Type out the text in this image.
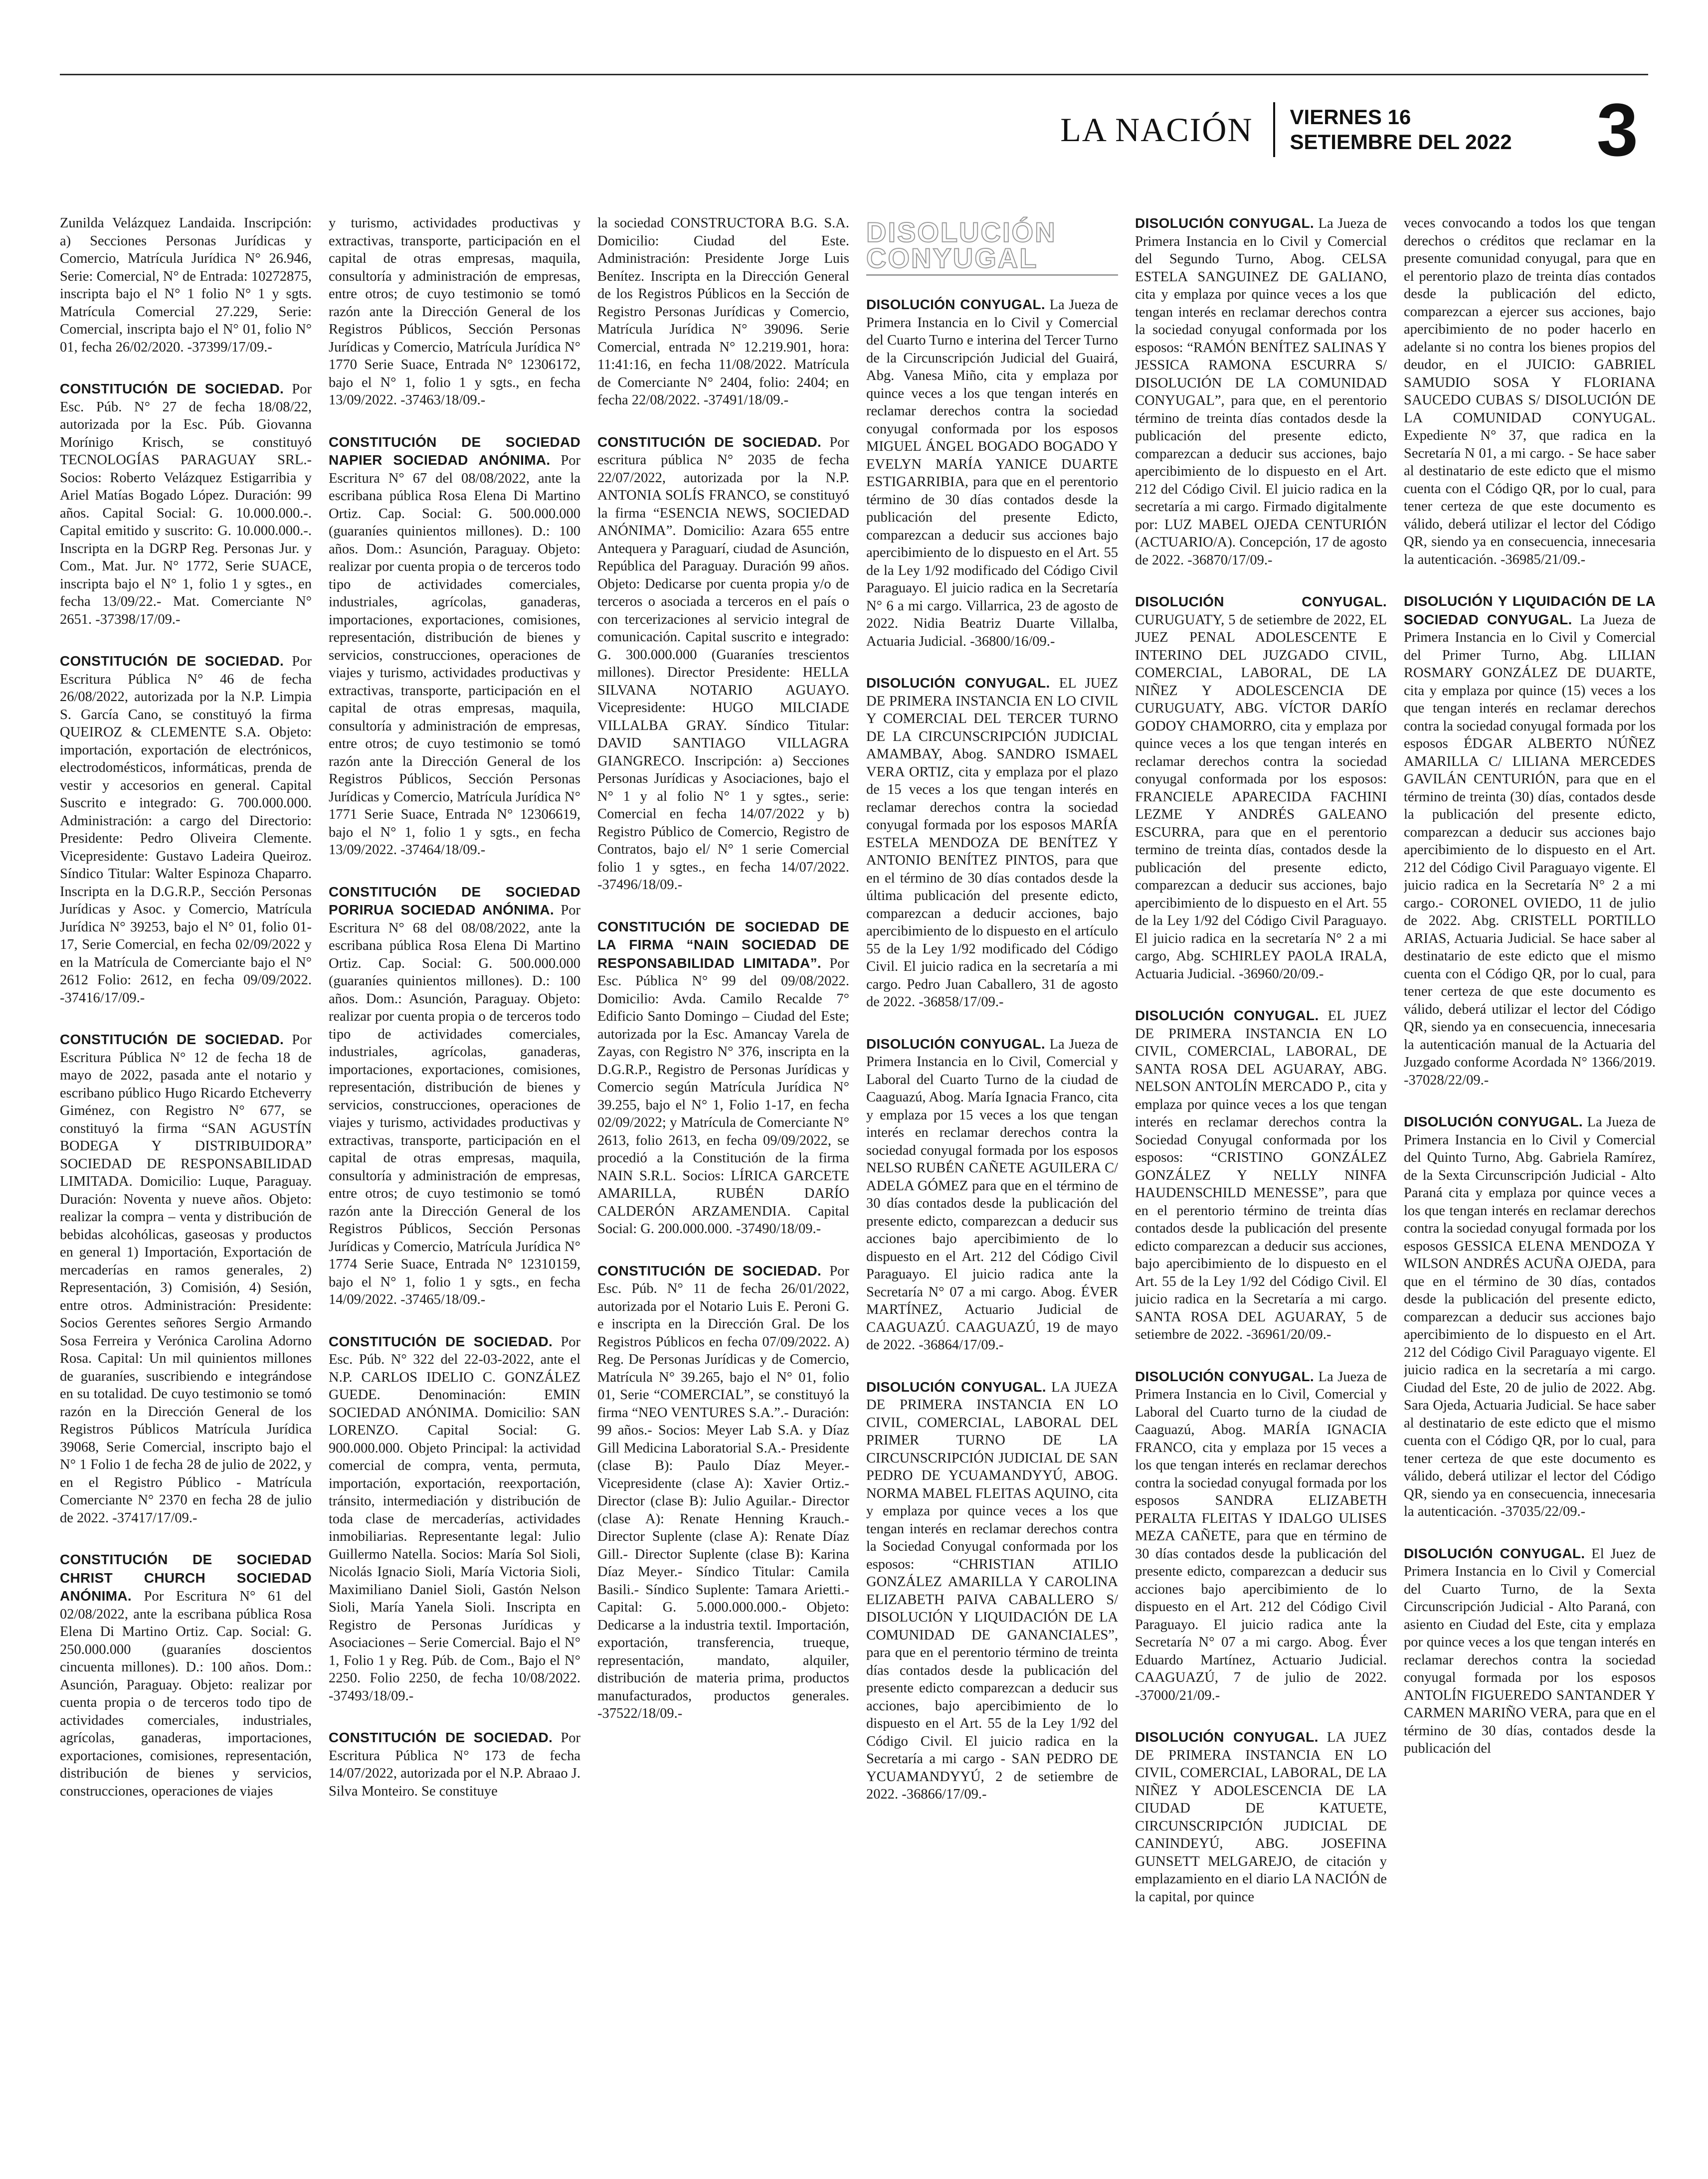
LA NACIÓN VIERNES 16
SETIEMBRE DEL 2022 3

Zunilda Velázquez Landaida. Inscripción: a) Secciones Personas Jurídicas y Comercio, Matrícula Jurídica N° 26.946, Serie: Comercial, N° de Entrada: 10272875, inscripta bajo el N° 1 folio N° 1 y sgts. Matrícula Comercial 27.229, Serie: Comercial, inscripta bajo el N° 01, folio N° 01, fecha 26/02/2020. -37399/17/09.-

CONSTITUCIÓN DE SOCIEDAD. Por Esc. Púb. N° 27 de fecha 18/08/22, autorizada por la Esc. Púb. Giovanna Morínigo Krisch, se constituyó TECNOLOGÍAS PARAGUAY SRL.- Socios: Roberto Velázquez Estigarribia y Ariel Matías Bogado López. Duración: 99 años. Capital Social: G. 10.000.000.-. Capital emitido y suscrito: G. 10.000.000.-. Inscripta en la DGRP Reg. Personas Jur. y Com., Mat. Jur. N° 1772, Serie SUACE, inscripta bajo el N° 1, folio 1 y sgtes., en fecha 13/09/22.- Mat. Comerciante N° 2651. -37398/17/09.-

CONSTITUCIÓN DE SOCIEDAD. Por Escritura Pública N° 46 de fecha 26/08/2022, autorizada por la N.P. Limpia S. García Cano, se constituyó la firma QUEIROZ & CLEMENTE S.A. Objeto: importación, exportación de electrónicos, electrodomésticos, informáticas, prenda de vestir y accesorios en general. Capital Suscrito e integrado: G. 700.000.000. Administración: a cargo del Directorio: Presidente: Pedro Oliveira Clemente. Vicepresidente: Gustavo Ladeira Queiroz. Síndico Titular: Walter Espinoza Chaparro. Inscripta en la D.G.R.P., Sección Personas Jurídicas y Asoc. y Comercio, Matrícula Jurídica N° 39253, bajo el N° 01, folio 01-17, Serie Comercial, en fecha 02/09/2022 y en la Matrícula de Comerciante bajo el N° 2612 Folio: 2612, en fecha 09/09/2022. -37416/17/09.-

CONSTITUCIÓN DE SOCIEDAD. Por Escritura Pública N° 12 de fecha 18 de mayo de 2022, pasada ante el notario y escribano público Hugo Ricardo Etcheverry Giménez, con Registro N° 677, se constituyó la firma “SAN AGUSTÍN BODEGA Y DISTRIBUIDORA” SOCIEDAD DE RESPONSABILIDAD LIMITADA. Domicilio: Luque, Paraguay. Duración: Noventa y nueve años. Objeto: realizar la compra – venta y distribución de bebidas alcohólicas, gaseosas y productos en general 1) Importación, Exportación de mercaderías en ramos generales, 2) Representación, 3) Comisión, 4) Sesión, entre otros. Administración: Presidente: Socios Gerentes señores Sergio Armando Sosa Ferreira y Verónica Carolina Adorno Rosa. Capital: Un mil quinientos millones de guaraníes, suscribiendo e integrándose en su totalidad. De cuyo testimonio se tomó razón en la Dirección General de los Registros Públicos Matrícula Jurídica 39068, Serie Comercial, inscripto bajo el N° 1 Folio 1 de fecha 28 de julio de 2022, y en el Registro Público - Matrícula Comerciante N° 2370 en fecha 28 de julio de 2022. -37417/17/09.-

CONSTITUCIÓN DE SOCIEDAD CHRIST CHURCH SOCIEDAD ANÓNIMA. Por Escritura N° 61 del 02/08/2022, ante la escribana pública Rosa Elena Di Martino Ortiz. Cap. Social: G. 250.000.000 (guaraníes doscientos cincuenta millones). D.: 100 años. Dom.: Asunción, Paraguay. Objeto: realizar por cuenta propia o de terceros todo tipo de actividades comerciales, industriales, agrícolas, ganaderas, importaciones, exportaciones, comisiones, representación, distribución de bienes y servicios, construcciones, operaciones de viajes

y turismo, actividades productivas y extractivas, transporte, participación en el capital de otras empresas, maquila, consultoría y administración de empresas, entre otros; de cuyo testimonio se tomó razón ante la Dirección General de los Registros Públicos, Sección Personas Jurídicas y Comercio, Matrícula Jurídica N° 1770 Serie Suace, Entrada N° 12306172, bajo el N° 1, folio 1 y sgts., en fecha 13/09/2022. -37463/18/09.-

CONSTITUCIÓN DE SOCIEDAD NAPIER SOCIEDAD ANÓNIMA. Por Escritura N° 67 del 08/08/2022, ante la escribana pública Rosa Elena Di Martino Ortiz. Cap. Social: G. 500.000.000 (guaraníes quinientos millones). D.: 100 años. Dom.: Asunción, Paraguay. Objeto: realizar por cuenta propia o de terceros todo tipo de actividades comerciales, industriales, agrícolas, ganaderas, importaciones, exportaciones, comisiones, representación, distribución de bienes y servicios, construcciones, operaciones de viajes y turismo, actividades productivas y extractivas, transporte, participación en el capital de otras empresas, maquila, consultoría y administración de empresas, entre otros; de cuyo testimonio se tomó razón ante la Dirección General de los Registros Públicos, Sección Personas Jurídicas y Comercio, Matrícula Jurídica N° 1771 Serie Suace, Entrada N° 12306619, bajo el N° 1, folio 1 y sgts., en fecha 13/09/2022. -37464/18/09.-

CONSTITUCIÓN DE SOCIEDAD PORIRUA SOCIEDAD ANÓNIMA. Por Escritura N° 68 del 08/08/2022, ante la escribana pública Rosa Elena Di Martino Ortiz. Cap. Social: G. 500.000.000 (guaraníes quinientos millones). D.: 100 años. Dom.: Asunción, Paraguay. Objeto: realizar por cuenta propia o de terceros todo tipo de actividades comerciales, industriales, agrícolas, ganaderas, importaciones, exportaciones, comisiones, representación, distribución de bienes y servicios, construcciones, operaciones de viajes y turismo, actividades productivas y extractivas, transporte, participación en el capital de otras empresas, maquila, consultoría y administración de empresas, entre otros; de cuyo testimonio se tomó razón ante la Dirección General de los Registros Públicos, Sección Personas Jurídicas y Comercio, Matrícula Jurídica N° 1774 Serie Suace, Entrada N° 12310159, bajo el N° 1, folio 1 y sgts., en fecha 14/09/2022. -37465/18/09.-

CONSTITUCIÓN DE SOCIEDAD. Por Esc. Púb. N° 322 del 22-03-2022, ante el N.P. CARLOS IDELIO C. GONZÁLEZ GUEDE. Denominación: EMIN SOCIEDAD ANÓNIMA. Domicilio: SAN LORENZO. Capital Social: G. 900.000.000. Objeto Principal: la actividad comercial de compra, venta, permuta, importación, exportación, reexportación, tránsito, intermediación y distribución de toda clase de mercaderías, actividades inmobiliarias. Representante legal: Julio Guillermo Natella. Socios: María Sol Sioli, Nicolás Ignacio Sioli, María Victoria Sioli, Maximiliano Daniel Sioli, Gastón Nelson Sioli, María Yanela Sioli. Inscripta en Registro de Personas Jurídicas y Asociaciones – Serie Comercial. Bajo el N° 1, Folio 1 y Reg. Púb. de Com., Bajo el N° 2250. Folio 2250, de fecha 10/08/2022. -37493/18/09.-

CONSTITUCIÓN DE SOCIEDAD. Por Escritura Pública N° 173 de fecha 14/07/2022, autorizada por el N.P. Abraao J. Silva Monteiro. Se constituye

la sociedad CONSTRUCTORA B.G. S.A. Domicilio: Ciudad del Este. Administración: Presidente Jorge Luis Benítez. Inscripta en la Dirección General de los Registros Públicos en la Sección de Registro Personas Jurídicas y Comercio, Matrícula Jurídica N° 39096. Serie Comercial, entrada N° 12.219.901, hora: 11:41:16, en fecha 11/08/2022. Matrícula de Comerciante N° 2404, folio: 2404; en fecha 22/08/2022. -37491/18/09.-

CONSTITUCIÓN DE SOCIEDAD. Por escritura pública N° 2035 de fecha 22/07/2022, autorizada por la N.P. ANTONIA SOLÍS FRANCO, se constituyó la firma “ESENCIA NEWS, SOCIEDAD ANÓNIMA”. Domicilio: Azara 655 entre Antequera y Paraguarí, ciudad de Asunción, República del Paraguay. Duración 99 años. Objeto: Dedicarse por cuenta propia y/o de terceros o asociada a terceros en el país o con tercerizaciones al servicio integral de comunicación. Capital suscrito e integrado: G. 300.000.000 (Guaraníes trescientos millones). Director Presidente: HELLA SILVANA NOTARIO AGUAYO. Vicepresidente: HUGO MILCIADE VILLALBA GRAY. Síndico Titular: DAVID SANTIAGO VILLAGRA GIANGRECO. Inscripción: a) Secciones Personas Jurídicas y Asociaciones, bajo el N° 1 y al folio N° 1 y sgtes., serie: Comercial en fecha 14/07/2022 y b) Registro Público de Comercio, Registro de Contratos, bajo el/ N° 1 serie Comercial folio 1 y sgtes., en fecha 14/07/2022. -37496/18/09.-

CONSTITUCIÓN DE SOCIEDAD DE LA FIRMA “NAIN SOCIEDAD DE RESPONSABILIDAD LIMITADA”. Por Esc. Pública N° 99 del 09/08/2022. Domicilio: Avda. Camilo Recalde 7° Edificio Santo Domingo – Ciudad del Este; autorizada por la Esc. Amancay Varela de Zayas, con Registro N° 376, inscripta en la D.G.R.P., Registro de Personas Jurídicas y Comercio según Matrícula Jurídica N° 39.255, bajo el N° 1, Folio 1-17, en fecha 02/09/2022; y Matrícula de Comerciante N° 2613, folio 2613, en fecha 09/09/2022, se procedió a la Constitución de la firma NAIN S.R.L. Socios: LÍRICA GARCETE AMARILLA, RUBÉN DARÍO CALDERÓN ARZAMENDIA. Capital Social: G. 200.000.000. -37490/18/09.-

CONSTITUCIÓN DE SOCIEDAD. Por Esc. Púb. N° 11 de fecha 26/01/2022, autorizada por el Notario Luis E. Peroni G. e inscripta en la Dirección Gral. De los Registros Públicos en fecha 07/09/2022. A) Reg. De Personas Jurídicas y de Comercio, Matrícula N° 39.265, bajo el N° 01, folio 01, Serie “COMERCIAL”, se constituyó la firma “NEO VENTURES S.A.”.- Duración: 99 años.- Socios: Meyer Lab S.A. y Díaz Gill Medicina Laboratorial S.A.- Presidente (clase B): Paulo Díaz Meyer.- Vicepresidente (clase A): Xavier Ortiz.- Director (clase B): Julio Aguilar.- Director (clase A): Renate Henning Krauch.- Director Suplente (clase A): Renate Díaz Gill.- Director Suplente (clase B): Karina Díaz Meyer.- Síndico Titular: Camila Basili.- Síndico Suplente: Tamara Arietti.- Capital: G. 5.000.000.000.- Objeto: Dedicarse a la industria textil. Importación, exportación, transferencia, trueque, representación, mandato, alquiler, distribución de materia prima, productos manufacturados, productos generales. -37522/18/09.-

DISOLUCIÓN CONYUGAL

DISOLUCIÓN CONYUGAL. La Jueza de Primera Instancia en lo Civil y Comercial del Cuarto Turno e interina del Tercer Turno de la Circunscripción Judicial del Guairá, Abg. Vanesa Miño, cita y emplaza por quince veces a los que tengan interés en reclamar derechos contra la sociedad conyugal conformada por los esposos MIGUEL ÁNGEL BOGADO BOGADO Y EVELYN MARÍA YANICE DUARTE ESTIGARRIBIA, para que en el perentorio término de 30 días contados desde la publicación del presente Edicto, comparezcan a deducir sus acciones bajo apercibimiento de lo dispuesto en el Art. 55 de la Ley 1/92 modificado del Código Civil Paraguayo. El juicio radica en la Secretaría N° 6 a mi cargo. Villarrica, 23 de agosto de 2022. Nidia Beatriz Duarte Villalba, Actuaria Judicial. -36800/16/09.-

DISOLUCIÓN CONYUGAL. EL JUEZ DE PRIMERA INSTANCIA EN LO CIVIL Y COMERCIAL DEL TERCER TURNO DE LA CIRCUNSCRIPCIÓN JUDICIAL AMAMBAY, Abog. SANDRO ISMAEL VERA ORTIZ, cita y emplaza por el plazo de 15 veces a los que tengan interés en reclamar derechos contra la sociedad conyugal formada por los esposos MARÍA ESTELA MENDOZA DE BENÍTEZ Y ANTONIO BENÍTEZ PINTOS, para que en el término de 30 días contados desde la última publicación del presente edicto, comparezcan a deducir acciones, bajo apercibimiento de lo dispuesto en el artículo 55 de la Ley 1/92 modificado del Código Civil. El juicio radica en la secretaría a mi cargo. Pedro Juan Caballero, 31 de agosto de 2022. -36858/17/09.-

DISOLUCIÓN CONYUGAL. La Jueza de Primera Instancia en lo Civil, Comercial y Laboral del Cuarto Turno de la ciudad de Caaguazú, Abog. María Ignacia Franco, cita y emplaza por 15 veces a los que tengan interés en reclamar derechos contra la sociedad conyugal formada por los esposos NELSO RUBÉN CAÑETE AGUILERA C/ ADELA GÓMEZ para que en el término de 30 días contados desde la publicación del presente edicto, comparezcan a deducir sus acciones bajo apercibimiento de lo dispuesto en el Art. 212 del Código Civil Paraguayo. El juicio radica ante la Secretaría N° 07 a mi cargo. Abog. ÉVER MARTÍNEZ, Actuario Judicial de CAAGUAZÚ. CAAGUAZÚ, 19 de mayo de 2022. -36864/17/09.-

DISOLUCIÓN CONYUGAL. LA JUEZA DE PRIMERA INSTANCIA EN LO CIVIL, COMERCIAL, LABORAL DEL PRIMER TURNO DE LA CIRCUNSCRIPCIÓN JUDICIAL DE SAN PEDRO DE YCUAMANDYYÚ, ABOG. NORMA MABEL FLEITAS AQUINO, cita y emplaza por quince veces a los que tengan interés en reclamar derechos contra la Sociedad Conyugal conformada por los esposos: “CHRISTIAN ATILIO GONZÁLEZ AMARILLA Y CAROLINA ELIZABETH PAIVA CABALLERO S/ DISOLUCIÓN Y LIQUIDACIÓN DE LA COMUNIDAD DE GANANCIALES”, para que en el perentorio término de treinta días contados desde la publicación del presente edicto comparezcan a deducir sus acciones, bajo apercibimiento de lo dispuesto en el Art. 55 de la Ley 1/92 del Código Civil. El juicio radica en la Secretaría a mi cargo - SAN PEDRO DE YCUAMANDYYÚ, 2 de setiembre de 2022. -36866/17/09.-

DISOLUCIÓN CONYUGAL. La Jueza de Primera Instancia en lo Civil y Comercial del Segundo Turno, Abog. CELSA ESTELA SANGUINEZ DE GALIANO, cita y emplaza por quince veces a los que tengan interés en reclamar derechos contra la sociedad conyugal conformada por los esposos: “RAMÓN BENÍTEZ SALINAS Y JESSICA RAMONA ESCURRA S/ DISOLUCIÓN DE LA COMUNIDAD CONYUGAL”, para que, en el perentorio término de treinta días contados desde la publicación del presente edicto, comparezcan a deducir sus acciones, bajo apercibimiento de lo dispuesto en el Art. 212 del Código Civil. El juicio radica en la secretaría a mi cargo. Firmado digitalmente por: LUZ MABEL OJEDA CENTURIÓN (ACTUARIO/A). Concepción, 17 de agosto de 2022. -36870/17/09.-

DISOLUCIÓN CONYUGAL. CURUGUATY, 5 de setiembre de 2022, EL JUEZ PENAL ADOLESCENTE E INTERINO DEL JUZGADO CIVIL, COMERCIAL, LABORAL, DE LA NIÑEZ Y ADOLESCENCIA DE CURUGUATY, ABG. VÍCTOR DARÍO GODOY CHAMORRO, cita y emplaza por quince veces a los que tengan interés en reclamar derechos contra la sociedad conyugal conformada por los esposos: FRANCIELE APARECIDA FACHINI LEZME Y ANDRÉS GALEANO ESCURRA, para que en el perentorio termino de treinta días, contados desde la publicación del presente edicto, comparezcan a deducir sus acciones, bajo apercibimiento de lo dispuesto en el Art. 55 de la Ley 1/92 del Código Civil Paraguayo. El juicio radica en la secretaría N° 2 a mi cargo, Abg. SCHIRLEY PAOLA IRALA, Actuaria Judicial. -36960/20/09.-

DISOLUCIÓN CONYUGAL. EL JUEZ DE PRIMERA INSTANCIA EN LO CIVIL, COMERCIAL, LABORAL, DE SANTA ROSA DEL AGUARAY, ABG. NELSON ANTOLÍN MERCADO P., cita y emplaza por quince veces a los que tengan interés en reclamar derechos contra la Sociedad Conyugal conformada por los esposos: “CRISTINO GONZÁLEZ GONZÁLEZ Y NELLY NINFA HAUDENSCHILD MENESSE”, para que en el perentorio término de treinta días contados desde la publicación del presente edicto comparezcan a deducir sus acciones, bajo apercibimiento de lo dispuesto en el Art. 55 de la Ley 1/92 del Código Civil. El juicio radica en la Secretaría a mi cargo. SANTA ROSA DEL AGUARAY, 5 de setiembre de 2022. -36961/20/09.-

DISOLUCIÓN CONYUGAL. La Jueza de Primera Instancia en lo Civil, Comercial y Laboral del Cuarto turno de la ciudad de Caaguazú, Abog. MARÍA IGNACIA FRANCO, cita y emplaza por 15 veces a los que tengan interés en reclamar derechos contra la sociedad conyugal formada por los esposos SANDRA ELIZABETH PERALTA FLEITAS Y IDALGO ULISES MEZA CAÑETE, para que en término de 30 días contados desde la publicación del presente edicto, comparezcan a deducir sus acciones bajo apercibimiento de lo dispuesto en el Art. 212 del Código Civil Paraguayo. El juicio radica ante la Secretaría N° 07 a mi cargo. Abog. Éver Eduardo Martínez, Actuario Judicial. CAAGUAZÚ, 7 de julio de 2022. -37000/21/09.-

DISOLUCIÓN CONYUGAL. LA JUEZ DE PRIMERA INSTANCIA EN LO CIVIL, COMERCIAL, LABORAL, DE LA NIÑEZ Y ADOLESCENCIA DE LA CIUDAD DE KATUETE, CIRCUNSCRIPCIÓN JUDICIAL DE CANINDEYÚ, ABG. JOSEFINA GUNSETT MELGAREJO, de citación y emplazamiento en el diario LA NACIÓN de la capital, por quince

veces convocando a todos los que tengan derechos o créditos que reclamar en la presente comunidad conyugal, para que en el perentorio plazo de treinta días contados desde la publicación del edicto, comparezcan a ejercer sus acciones, bajo apercibimiento de no poder hacerlo en adelante si no contra los bienes propios del deudor, en el JUICIO: GABRIEL SAMUDIO SOSA Y FLORIANA SAUCEDO CUBAS S/ DISOLUCIÓN DE LA COMUNIDAD CONYUGAL. Expediente N° 37, que radica en la Secretaría N 01, a mi cargo. - Se hace saber al destinatario de este edicto que el mismo cuenta con el Código QR, por lo cual, para tener certeza de que este documento es válido, deberá utilizar el lector del Código QR, siendo ya en consecuencia, innecesaria la autenticación. -36985/21/09.-

DISOLUCIÓN Y LIQUIDACIÓN DE LA SOCIEDAD CONYUGAL. La Jueza de Primera Instancia en lo Civil y Comercial del Primer Turno, Abg. LILIAN ROSMARY GONZÁLEZ DE DUARTE, cita y emplaza por quince (15) veces a los que tengan interés en reclamar derechos contra la sociedad conyugal formada por los esposos ÉDGAR ALBERTO NÚÑEZ AMARILLA C/ LILIANA MERCEDES GAVILÁN CENTURIÓN, para que en el término de treinta (30) días, contados desde la publicación del presente edicto, comparezcan a deducir sus acciones bajo apercibimiento de lo dispuesto en el Art. 212 del Código Civil Paraguayo vigente. El juicio radica en la Secretaría N° 2 a mi cargo.- CORONEL OVIEDO, 11 de julio de 2022. Abg. CRISTELL PORTILLO ARIAS, Actuaria Judicial. Se hace saber al destinatario de este edicto que el mismo cuenta con el Código QR, por lo cual, para tener certeza de que este documento es válido, deberá utilizar el lector del Código QR, siendo ya en consecuencia, innecesaria la autenticación manual de la Actuaria del Juzgado conforme Acordada N° 1366/2019. -37028/22/09.-

DISOLUCIÓN CONYUGAL. La Jueza de Primera Instancia en lo Civil y Comercial del Quinto Turno, Abg. Gabriela Ramírez, de la Sexta Circunscripción Judicial - Alto Paraná cita y emplaza por quince veces a los que tengan interés en reclamar derechos contra la sociedad conyugal formada por los esposos GESSICA ELENA MENDOZA Y WILSON ANDRÉS ACUÑA OJEDA, para que en el término de 30 días, contados desde la publicación del presente edicto, comparezcan a deducir sus acciones bajo apercibimiento de lo dispuesto en el Art. 212 del Código Civil Paraguayo vigente. El juicio radica en la secretaría a mi cargo. Ciudad del Este, 20 de julio de 2022. Abg. Sara Ojeda, Actuaria Judicial. Se hace saber al destinatario de este edicto que el mismo cuenta con el Código QR, por lo cual, para tener certeza de que este documento es válido, deberá utilizar el lector del Código QR, siendo ya en consecuencia, innecesaria la autenticación. -37035/22/09.-

DISOLUCIÓN CONYUGAL. El Juez de Primera Instancia en lo Civil y Comercial del Cuarto Turno, de la Sexta Circunscripción Judicial - Alto Paraná, con asiento en Ciudad del Este, cita y emplaza por quince veces a los que tengan interés en reclamar derechos contra la sociedad conyugal formada por los esposos ANTOLÍN FIGUEREDO SANTANDER Y CARMEN MARIÑO VERA, para que en el término de 30 días, contados desde la publicación del
